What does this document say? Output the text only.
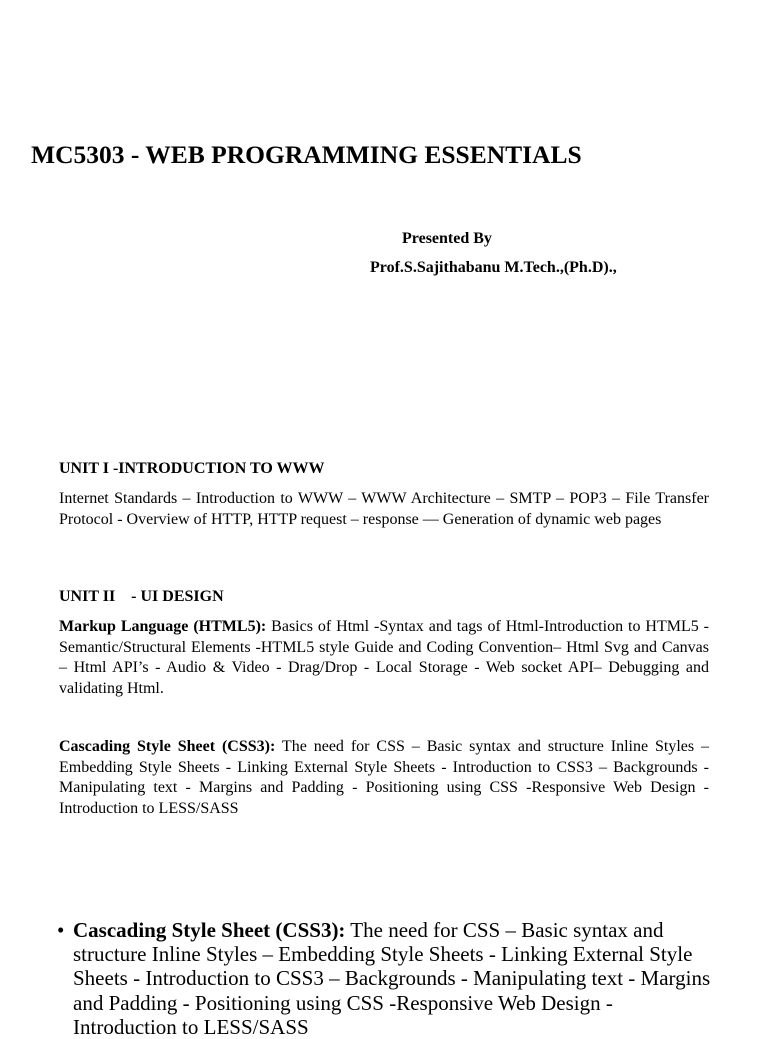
MC5303 - WEB PROGRAMMING ESSENTIALS
Presented By
Prof.S.Sajithabanu M.Tech.,(Ph.D).,
UNIT I -INTRODUCTION TO WWW

Internet Standards – Introduction to WWW – WWW Architecture – SMTP – POP3 – File Transfer Protocol - Overview of HTTP, HTTP request – response –– Generation of dynamic web pages

UNIT II    - UI DESIGN

Markup Language (HTML5): Basics of Html -Syntax and tags of Html-Introduction to HTML5 -Semantic/Structural Elements -HTML5 style Guide and Coding Convention– Html Svg and Canvas – Html API’s - Audio & Video - Drag/Drop - Local Storage - Web socket API– Debugging and validating Html.

Cascading Style Sheet (CSS3): The need for CSS – Basic syntax and structure Inline Styles – Embedding Style Sheets - Linking External Style Sheets - Introduction to CSS3 – Backgrounds - Manipulating text - Margins and Padding - Positioning using CSS -Responsive Web Design - Introduction to LESS/SASS

• Cascading Style Sheet (CSS3): The need for CSS – Basic syntax and structure Inline Styles – Embedding Style Sheets - Linking External Style Sheets - Introduction to CSS3 – Backgrounds - Manipulating text - Margins and Padding - Positioning using CSS -Responsive Web Design - Introduction to LESS/SASS
